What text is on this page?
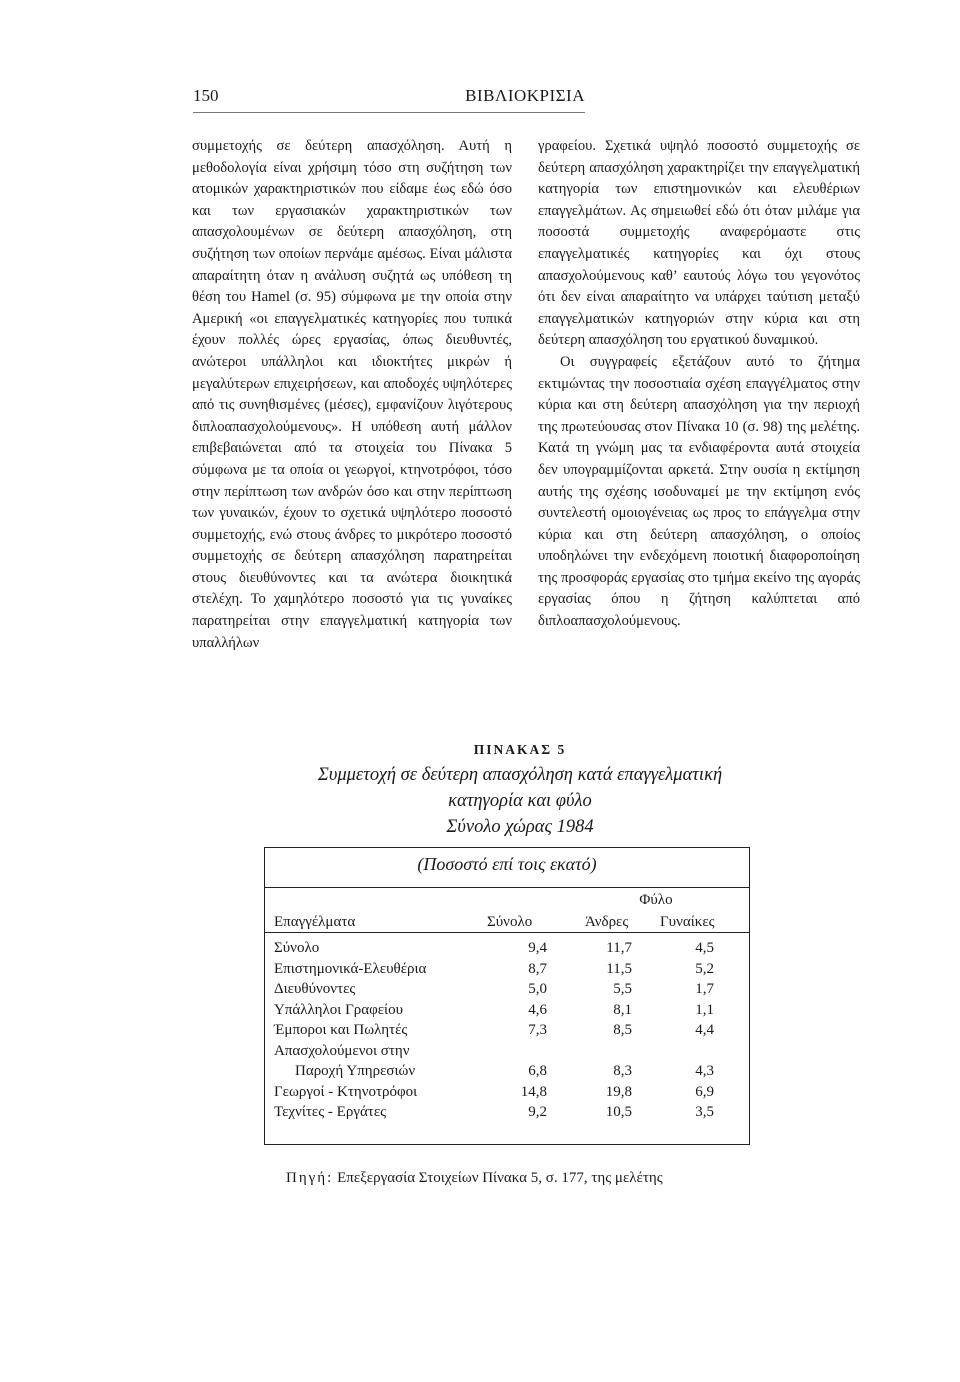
150	ΒΙΒΛΙΟΚΡΙΣΙΑ

συμμετοχής σε δεύτερη απασχόληση. Αυτή η μεθοδολογία είναι χρήσιμη τόσο στη συζήτηση των ατομικών χαρακτηριστικών που είδαμε έως εδώ όσο και των εργασιακών χαρακτηριστικών των απασχολουμένων σε δεύτερη απασχόληση, στη συζήτηση των οποίων περνάμε αμέσως. Είναι μάλιστα απαραίτητη όταν η ανάλυση συζητά ως υπόθεση τη θέση του Hamel (σ. 95) σύμφωνα με την οποία στην Αμερική «οι επαγγελματικές κατηγορίες που τυπικά έχουν πολλές ώρες εργασίας, όπως διευθυντές, ανώτεροι υπάλληλοι και ιδιοκτήτες μικρών ή μεγαλύτερων επιχειρήσεων, και αποδοχές υψηλότερες από τις συνηθισμένες (μέσες), εμφανίζουν λιγότερους διπλοαπασχολούμενους». Η υπόθεση αυτή μάλλον επιβεβαιώνεται από τα στοιχεία του Πίνακα 5 σύμφωνα με τα οποία οι γεωργοί, κτηνοτρόφοι, τόσο στην περίπτωση των ανδρών όσο και στην περίπτωση των γυναικών, έχουν το σχετικά υψηλότερο ποσοστό συμμετοχής, ενώ στους άνδρες το μικρότερο ποσοστό συμμετοχής σε δεύτερη απασχόληση παρατηρείται στους διευθύνοντες και τα ανώτερα διοικητικά στελέχη. Το χαμηλότερο ποσοστό για τις γυναίκες παρατηρείται στην επαγγελματική κατηγορία των υπαλλήλων

γραφείου. Σχετικά υψηλό ποσοστό συμμετοχής σε δεύτερη απασχόληση χαρακτηρίζει την επαγγελματική κατηγορία των επιστημονικών και ελευθέριων επαγγελμάτων. Ας σημειωθεί εδώ ότι όταν μιλάμε για ποσοστά συμμετοχής αναφερόμαστε στις επαγγελματικές κατηγορίες και όχι στους απασχολούμενους καθ’ εαυτούς λόγω του γεγονότος ότι δεν είναι απαραίτητο να υπάρχει ταύτιση μεταξύ επαγγελματικών κατηγοριών στην κύρια και στη δεύτερη απασχόληση του εργατικού δυναμικού.

Οι συγγραφείς εξετάζουν αυτό το ζήτημα εκτιμώντας την ποσοστιαία σχέση επαγγέλματος στην κύρια και στη δεύτερη απασχόληση για την περιοχή της πρωτεύουσας στον Πίνακα 10 (σ. 98) της μελέτης. Κατά τη γνώμη μας τα ενδιαφέροντα αυτά στοιχεία δεν υπογραμμίζονται αρκετά. Στην ουσία η εκτίμηση αυτής της σχέσης ισοδυναμεί με την εκτίμηση ενός συντελεστή ομοιογένειας ως προς το επάγγελμα στην κύρια και στη δεύτερη απασχόληση, ο οποίος υποδηλώνει την ενδεχόμενη ποιοτική διαφοροποίηση της προσφοράς εργασίας στο τμήμα εκείνο της αγοράς εργασίας όπου η ζήτηση καλύπτεται από διπλοαπασχολούμενους.

ΠΙΝΑΚΑΣ 5
Συμμετοχή σε δεύτερη απασχόληση κατά επαγγελματική
κατηγορία και φύλο
Σύνολο χώρας 1984
(Ποσοστό επί τοις εκατό)
Φύλο
Επαγγέλματα	Σύνολο	Άνδρες Γυναίκες
Σύνολο	9,4	11,7	4,5
Επιστημονικά-Ελευθέρια	8,7	11,5	5,2
Διευθύνοντες	5,0	5,5	1,7
Υπάλληλοι Γραφείου	4,6	8,1	1,1
Έμποροι και Πωλητές	7,3	8,5	4,4
Απασχολούμενοι στην
Παροχή Υπηρεσιών	6,8	8,3	4,3
Γεωργοί - Κτηνοτρόφοι	14,8	19,8	6,9
Τεχνίτες - Εργάτες	9,2	10,5	3,5
Πηγή: Επεξεργασία Στοιχείων Πίνακα 5, σ. 177, της μελέτης
